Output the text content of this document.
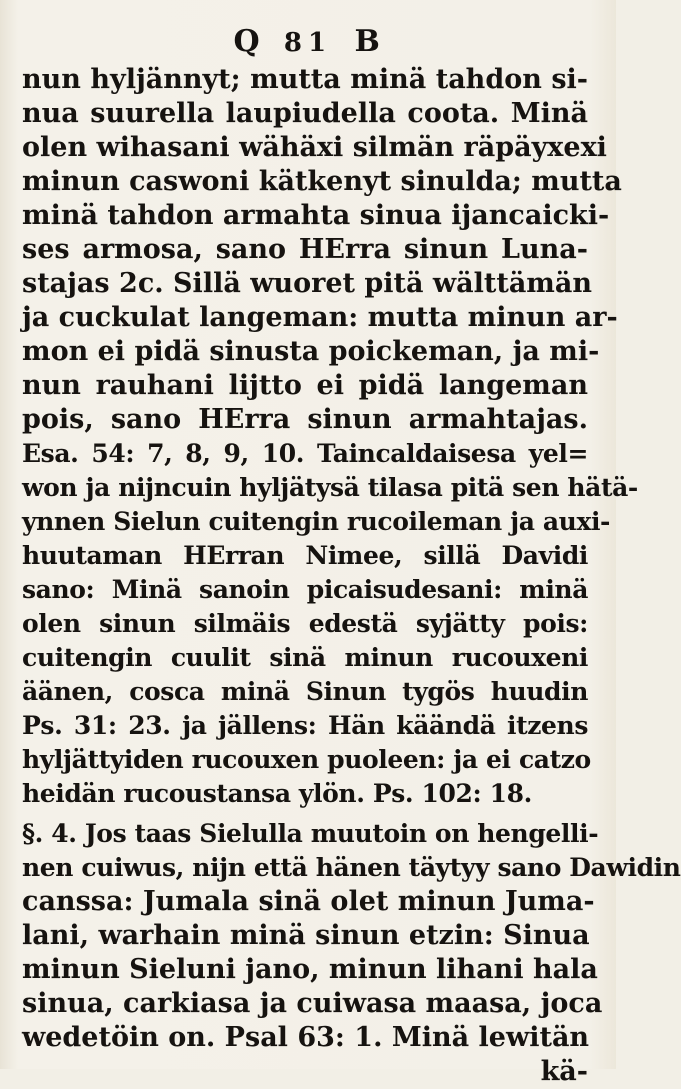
Q 81 B
nun hyljännyt; mutta minä tahdon si-
nua suurella laupiudella coota. Minä
olen wihasani wähäxi silmän räpäyxexi
minun caswoni kätkenyt sinulda; mutta
minä tahdon armahta sinua ijancaicki-
ses armosa, sano HErra sinun Luna-
stajas 2c. Sillä wuoret pitä wälttämän
ja cuckulat langeman: mutta minun ar-
mon ei pidä sinusta poickeman, ja mi-
nun rauhani lijtto ei pidä langeman
pois, sano HErra sinun armahtajas.
Esa. 54: 7, 8, 9, 10. Taincaldaisesa yel=
won ja nijncuin hyljätysä tilasa pitä sen hätä-
ynnen Sielun cuitengin rucoileman ja auxi-
huutaman HErran Nimee, sillä Davidi
sano: Minä sanoin picaisudesani: minä
olen sinun silmäis edestä syjätty pois:
cuitengin cuulit sinä minun rucouxeni
äänen, cosca minä Sinun tygös huudin
Ps. 31: 23. ja jällens: Hän käändä itzens
hyljättyiden rucouxen puoleen: ja ei catzo
heidän rucoustansa ylön. Ps. 102: 18.
§. 4. Jos taas Sielulla muutoin on hengelli-
nen cuiwus, nijn että hänen täytyy sano Dawidin
canssa: Jumala sinä olet minun Juma-
lani, warhain minä sinun etzin: Sinua
minun Sieluni jano, minun lihani hala
sinua, carkiasa ja cuiwasa maasa, joca
wedetöin on. Psal 63: 1. Minä lewitän
kä-
